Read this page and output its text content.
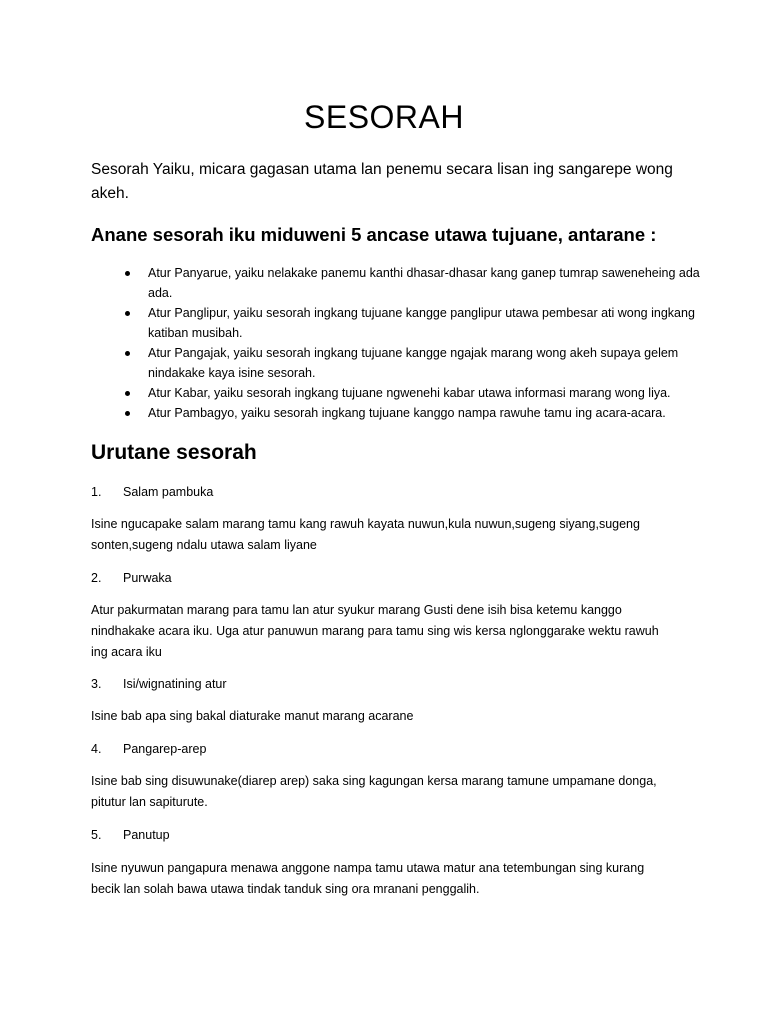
SESORAH
Sesorah Yaiku, micara gagasan utama lan penemu secara lisan ing sangarepe wong akeh.
Anane sesorah iku miduweni 5 ancase utawa tujuane, antarane :
Atur Panyarue, yaiku nelakake panemu kanthi dhasar-dhasar kang ganep tumrap saweneheing ada ada.
Atur Panglipur, yaiku sesorah ingkang tujuane kangge panglipur utawa pembesar ati wong ingkang katiban musibah.
Atur Pangajak, yaiku sesorah ingkang tujuane kangge ngajak marang wong akeh supaya gelem nindakake kaya isine sesorah.
Atur Kabar, yaiku sesorah ingkang tujuane ngwenehi kabar utawa informasi marang wong liya.
Atur Pambagyo, yaiku sesorah ingkang tujuane kanggo nampa rawuhe tamu ing acara-acara.
Urutane sesorah
1. Salam pambuka
Isine ngucapake salam marang tamu kang rawuh kayata nuwun,kula nuwun,sugeng siyang,sugeng sonten,sugeng ndalu utawa salam liyane
2. Purwaka
Atur pakurmatan marang para tamu lan atur syukur marang Gusti dene isih bisa ketemu kanggo nindhakake acara iku. Uga atur panuwun marang para tamu sing wis kersa nglonggarake wektu rawuh ing acara iku
3. Isi/wignatining atur
Isine bab apa sing bakal diaturake manut marang acarane
4. Pangarep-arep
Isine bab sing disuwunake(diarep arep) saka sing kagungan kersa marang tamune umpamane donga, pitutur lan sapiturute.
5. Panutup
Isine nyuwun pangapura menawa anggone nampa tamu utawa matur ana tetembungan sing kurang becik lan solah bawa utawa tindak tanduk sing ora mranani penggalih.
